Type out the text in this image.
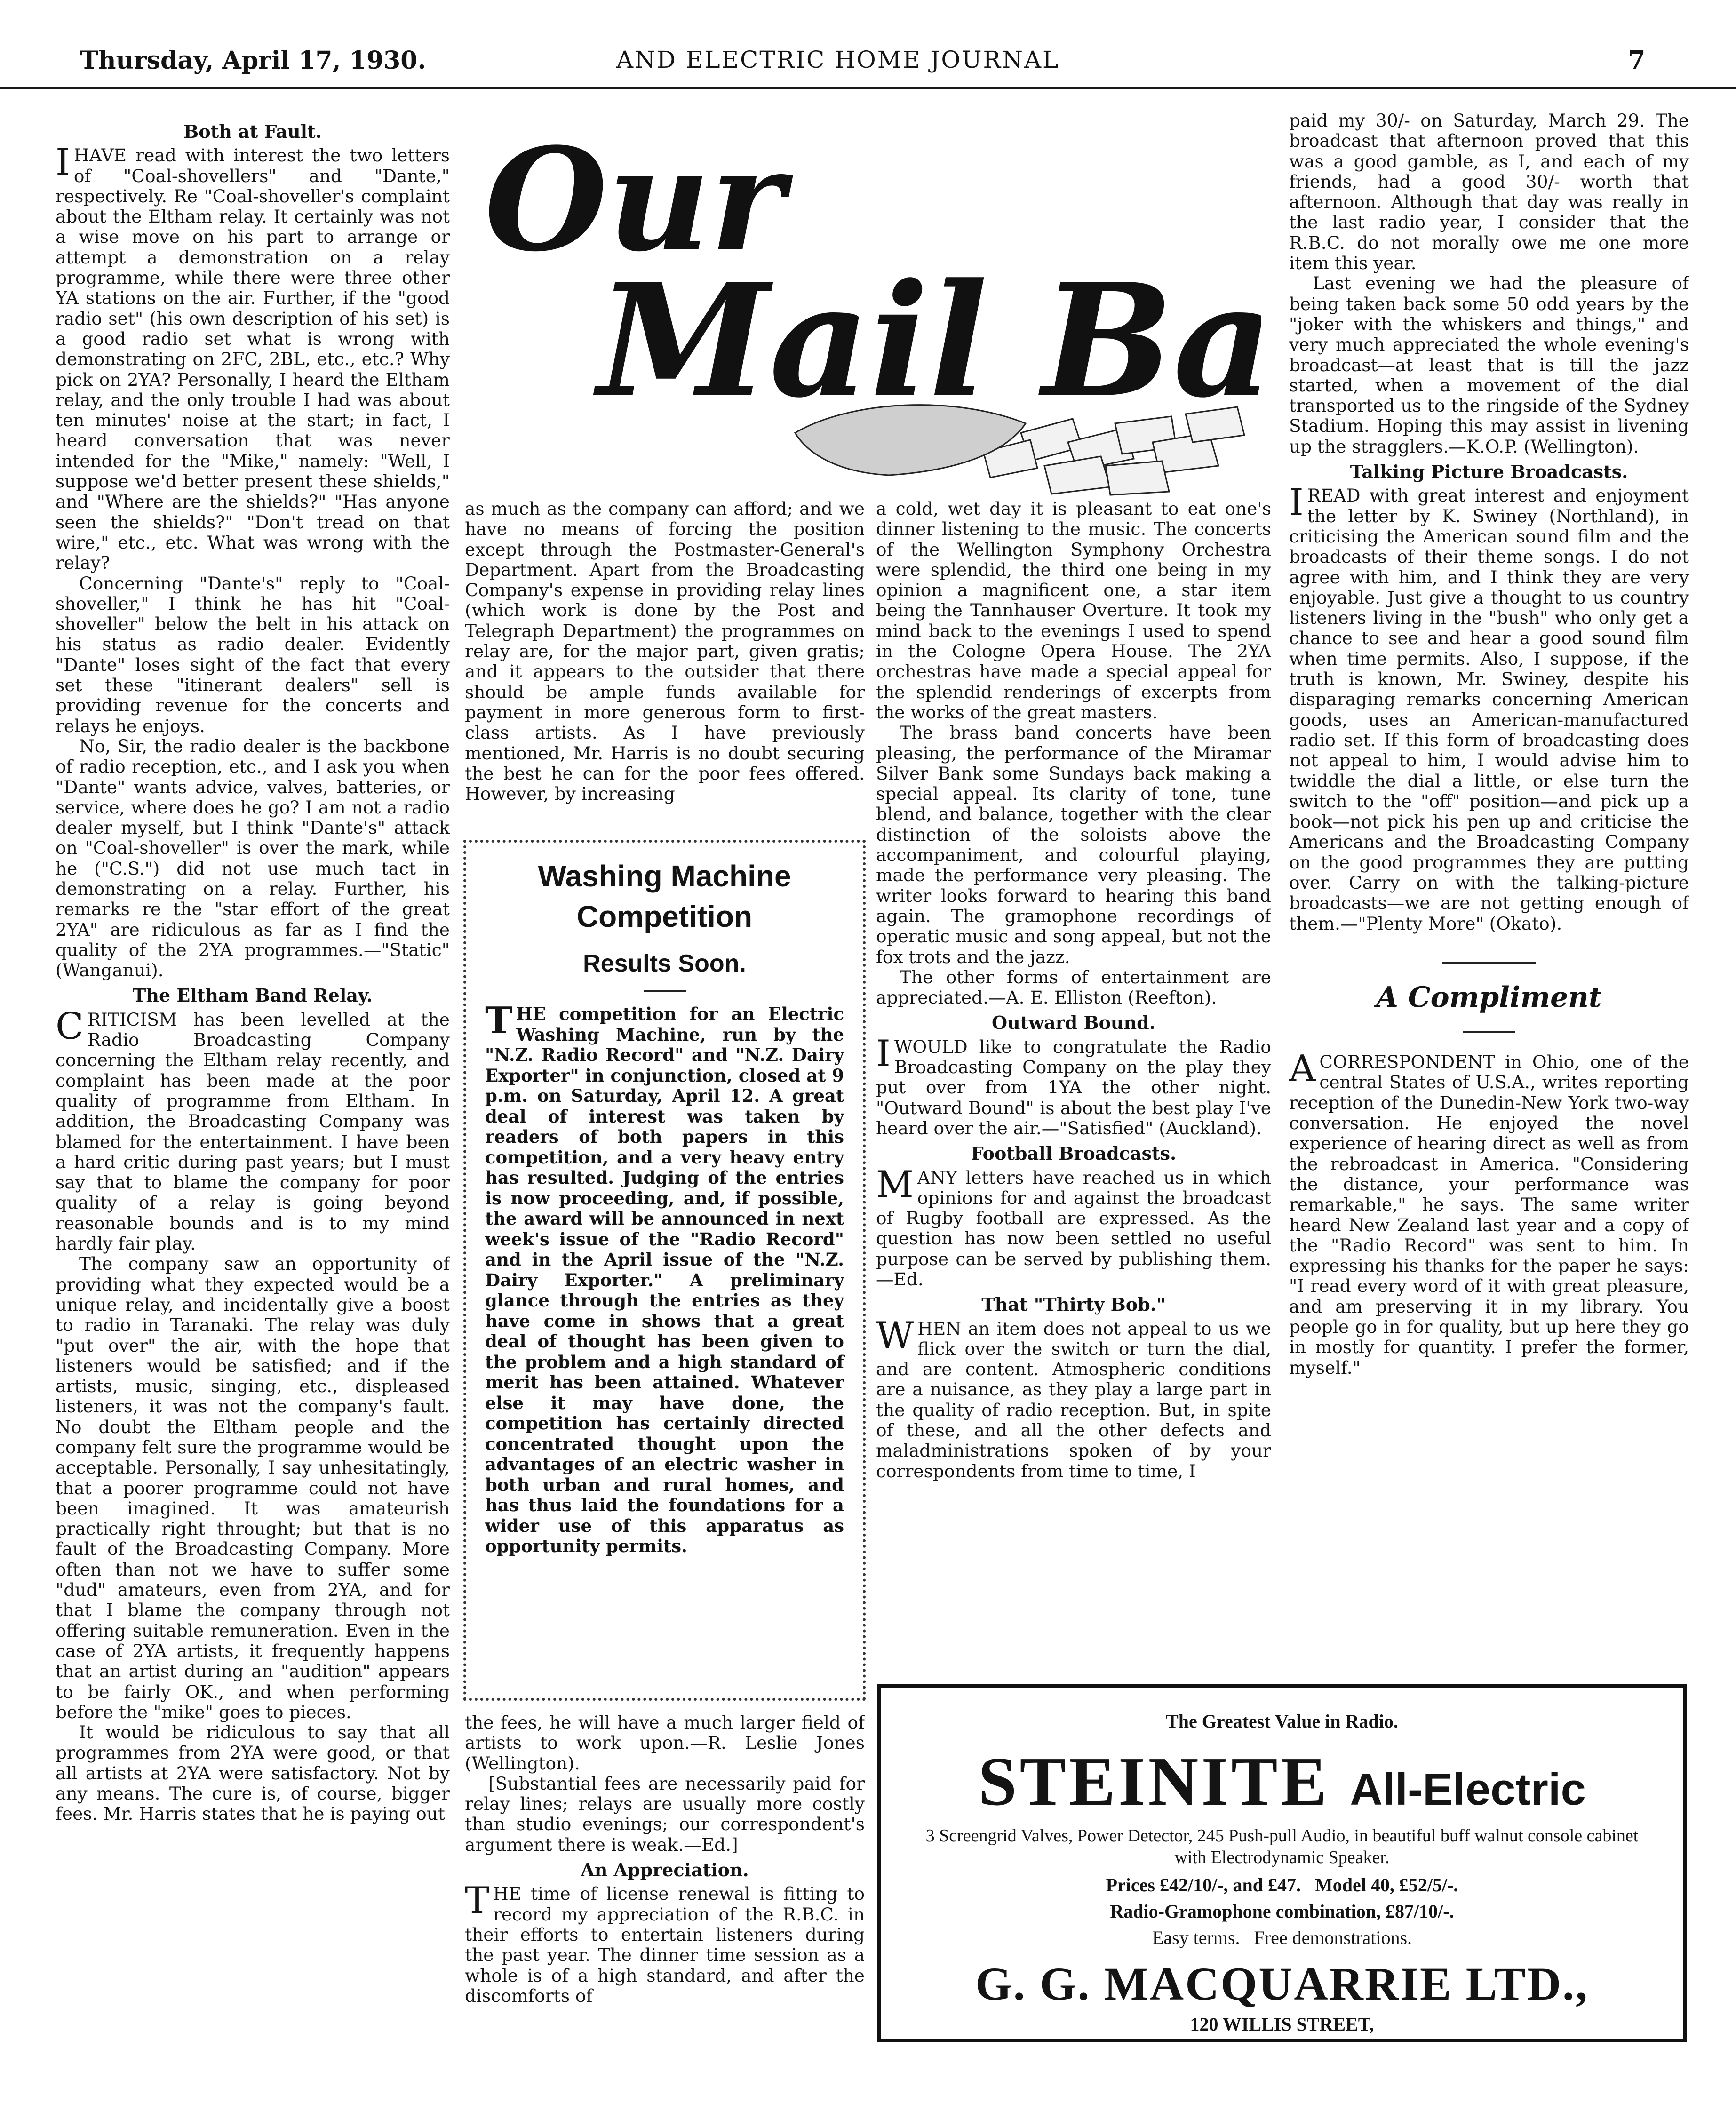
Thursday, April 17, 1930.	AND ELECTRIC HOME JOURNAL	7
Our
Mail B
Both at Fault.

IHAVE read with interest the two letters of "Coal-shovellers" and "Dante," respectively. Re "Coal-shoveller's complaint about the Eltham relay. It certainly was not a wise move on his part to arrange or attempt a demonstration on a relay programme, while there were three other YA stations on the air. Further, if the "good radio set" (his own description of his set) is a good radio set what is wrong with demonstrating on 2FC, 2BL, etc., etc.? Why pick on 2YA? Personally, I heard the Eltham relay, and the only trouble I had was about ten minutes' noise at the start; in fact, I heard conversation that was never intended for the "Mike," namely: "Well, I suppose we'd better present these shields," and "Where are the shields?" "Has anyone seen the shields?" "Don't tread on that wire," etc., etc. What was wrong with the relay?

Concerning "Dante's" reply to "Coal-shoveller," I think he has hit "Coal-shoveller" below the belt in his attack on his status as radio dealer. Evidently "Dante" loses sight of the fact that every set these "itinerant dealers" sell is providing revenue for the concerts and relays he enjoys.

No, Sir, the radio dealer is the backbone of radio reception, etc., and I ask you when "Dante" wants advice, valves, batteries, or service, where does he go? I am not a radio dealer myself, but I think "Dante's" attack on "Coal-shoveller" is over the mark, while he ("C.S.") did not use much tact in demonstrating on a relay. Further, his remarks re the "star effort of the great 2YA" are ridiculous as far as I find the quality of the 2YA programmes.—"Static" (Wanganui).

The Eltham Band Relay.

CRITICISM has been levelled at the Radio Broadcasting Company concerning the Eltham relay recently, and complaint has been made at the poor quality of programme from Eltham. In addition, the Broadcasting Company was blamed for the entertainment. I have been a hard critic during past years; but I must say that to blame the company for poor quality of a relay is going beyond reasonable bounds and is to my mind hardly fair play.

The company saw an opportunity of providing what they expected would be a unique relay, and incidentally give a boost to radio in Taranaki. The relay was duly "put over" the air, with the hope that listeners would be satisfied; and if the artists, music, singing, etc., displeased listeners, it was not the company's fault. No doubt the Eltham people and the company felt sure the programme would be acceptable. Personally, I say unhesitatingly, that a poorer programme could not have been imagined. It was amateurish practically right throught; but that is no fault of the Broadcasting Company. More often than not we have to suffer some "dud" amateurs, even from 2YA, and for that I blame the company through not offering suitable remuneration. Even in the case of 2YA artists, it frequently happens that an artist during an "audition" appears to be fairly OK., and when performing before the "mike" goes to pieces.

It would be ridiculous to say that all programmes from 2YA were good, or that all artists at 2YA were satisfactory. Not by any means. The cure is, of course, bigger fees. Mr. Harris states that he is paying out

as much as the company can afford; and we have no means of forcing the position except through the Postmaster-General's Department. Apart from the Broadcasting Company's expense in providing relay lines (which work is done by the Post and Telegraph Department) the programmes on relay are, for the major part, given gratis; and it appears to the outsider that there should be ample funds available for payment in more generous form to first-class artists. As I have previously mentioned, Mr. Harris is no doubt securing the best he can for the poor fees offered. However, by increasing

Washing Machine
Competition
Results Soon.
THE competition for an Electric Washing Machine, run by the "N.Z. Radio Record" and "N.Z. Dairy Exporter" in conjunction, closed at 9 p.m. on Saturday, April 12. A great deal of interest was taken by readers of both papers in this competition, and a very heavy entry has resulted. Judging of the entries is now proceeding, and, if possible, the award will be announced in next week's issue of the "Radio Record" and in the April issue of the "N.Z. Dairy Exporter." A preliminary glance through the entries as they have come in shows that a great deal of thought has been given to the problem and a high standard of merit has been attained. Whatever else it may have done, the competition has certainly directed concentrated thought upon the advantages of an electric washer in both urban and rural homes, and has thus laid the foundations for a wider use of this apparatus as opportunity permits.

the fees, he will have a much larger field of artists to work upon.—R. Leslie Jones (Wellington).

[Substantial fees are necessarily paid for relay lines; relays are usually more costly than studio evenings; our correspondent's argument there is weak.—Ed.]

An Appreciation.

THE time of license renewal is fitting to record my appreciation of the R.B.C. in their efforts to entertain listeners during the past year. The dinner time session as a whole is of a high standard, and after the discomforts of

a cold, wet day it is pleasant to eat one's dinner listening to the music. The concerts of the Wellington Symphony Orchestra were splendid, the third one being in my opinion a magnificent one, a star item being the Tannhauser Overture. It took my mind back to the evenings I used to spend in the Cologne Opera House. The 2YA orchestras have made a special appeal for the splendid renderings of excerpts from the works of the great masters.

The brass band concerts have been pleasing, the performance of the Miramar Silver Bank some Sundays back making a special appeal. Its clarity of tone, tune blend, and balance, together with the clear distinction of the soloists above the accompaniment, and colourful playing, made the performance very pleasing. The writer looks forward to hearing this band again. The gramophone recordings of operatic music and song appeal, but not the fox trots and the jazz.

The other forms of entertainment are appreciated.—A. E. Elliston (Reefton).

Outward Bound.

IWOULD like to congratulate the Radio Broadcasting Company on the play they put over from 1YA the other night. "Outward Bound" is about the best play I've heard over the air.—"Satisfied" (Auckland).

Football Broadcasts.

MANY letters have reached us in which opinions for and against the broadcast of Rugby football are expressed. As the question has now been settled no useful purpose can be served by publishing them.—Ed.

That "Thirty Bob."

WHEN an item does not appeal to us we flick over the switch or turn the dial, and are content. Atmospheric conditions are a nuisance, as they play a large part in the quality of radio reception. But, in spite of these, and all the other defects and maladministrations spoken of by your correspondents from time to time, I

paid my 30/- on Saturday, March 29. The broadcast that afternoon proved that this was a good gamble, as I, and each of my friends, had a good 30/- worth that afternoon. Although that day was really in the last radio year, I consider that the R.B.C. do not morally owe me one more item this year.

Last evening we had the pleasure of being taken back some 50 odd years by the "joker with the whiskers and things," and very much appreciated the whole evening's broadcast—at least that is till the jazz started, when a movement of the dial transported us to the ringside of the Sydney Stadium. Hoping this may assist in livening up the stragglers.—K.O.P. (Wellington).

Talking Picture Broadcasts.

IREAD with great interest and enjoyment the letter by K. Swiney (Northland), in criticising the American sound film and the broadcasts of their theme songs. I do not agree with him, and I think they are very enjoyable. Just give a thought to us country listeners living in the "bush" who only get a chance to see and hear a good sound film when time permits. Also, I suppose, if the truth is known, Mr. Swiney, despite his disparaging remarks concerning American goods, uses an American-manufactured radio set. If this form of broadcasting does not appeal to him, I would advise him to twiddle the dial a little, or else turn the switch to the "off" position—and pick up a book—not pick his pen up and criticise the Americans and the Broadcasting Company on the good programmes they are putting over. Carry on with the talking-picture broadcasts—we are not getting enough of them.—"Plenty More" (Okato).

A Compliment

ACORRESPONDENT in Ohio, one of the central States of U.S.A., writes reporting reception of the Dunedin-New York two-way conversation. He enjoyed the novel experience of hearing direct as well as from the rebroadcast in America. "Considering the distance, your performance was remarkable," he says. The same writer heard New Zealand last year and a copy of the "Radio Record" was sent to him. In expressing his thanks for the paper he says: "I read every word of it with great pleasure, and am preserving it in my library. You people go in for quality, but up here they go in mostly for quantity. I prefer the former, myself."

The Greatest Value in Radio.
STEINITE All-Electric
3 Screengrid Valves, Power Detector, 245 Push-pull Audio, in beautiful buff walnut console cabinet with Electrodynamic Speaker.
Prices £42/10/-, and £47.   Model 40, £52/5/-.
Radio-Gramophone combination, £87/10/-.
Easy terms.   Free demonstrations.
G. G. MACQUARRIE LTD.,
120 WILLIS STREET,
